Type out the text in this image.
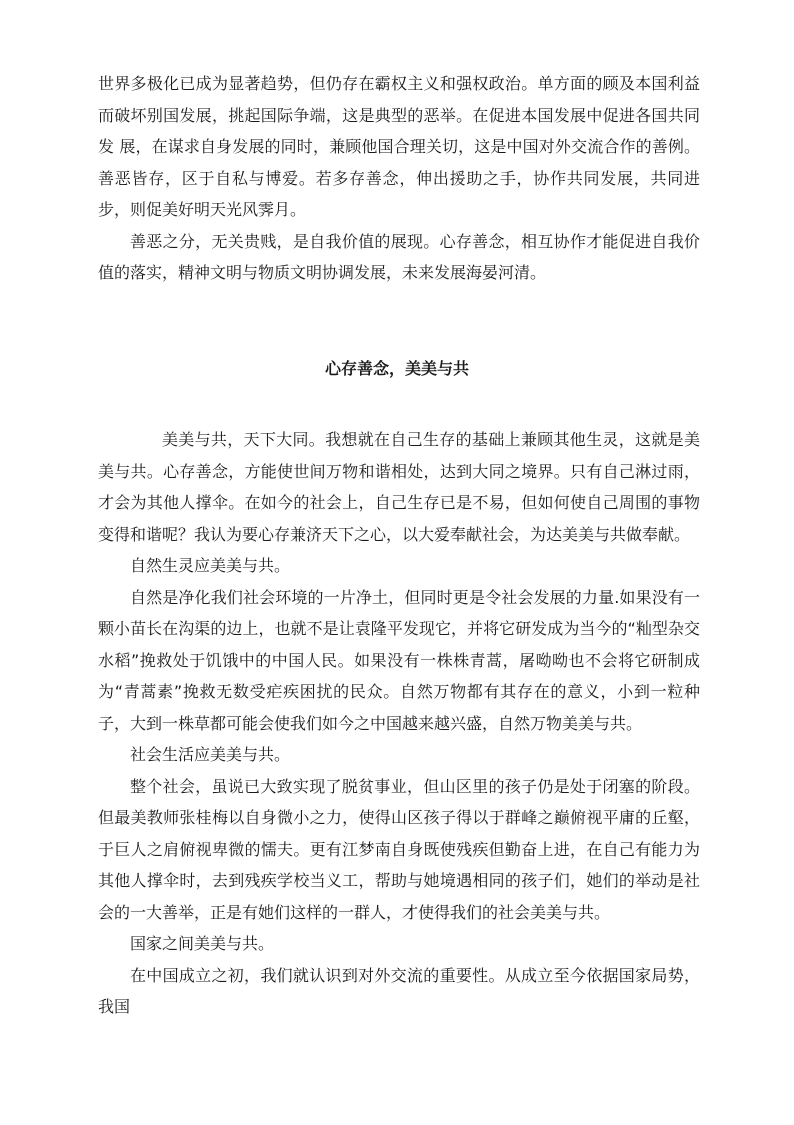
世界多极化已成为显著趋势，但仍存在霸权主义和强权政治。单方面的顾及本国利益而破坏别国发展，挑起国际争端，这是典型的恶举。在促进本国发展中促进各国共同发 展，在谋求自身发展的同时，兼顾他国合理关切，这是中国对外交流合作的善例。善恶皆存，区于自私与博爱。若多存善念，伸出援助之手，协作共同发展，共同进步，则促美好明天光风霁月。

善恶之分，无关贵贱，是自我价值的展现。心存善念，相互协作才能促进自我价值的落实，精神文明与物质文明协调发展，未来发展海晏河清。

心存善念，美美与共

美美与共，天下大同。我想就在自己生存的基础上兼顾其他生灵，这就是美美与共。心存善念，方能使世间万物和谐相处，达到大同之境界。只有自己淋过雨，才会为其他人撑伞。在如今的社会上，自己生存已是不易，但如何使自己周围的事物变得和谐呢？我认为要心存兼济天下之心，以大爱奉献社会，为达美美与共做奉献。

自然生灵应美美与共。

自然是净化我们社会环境的一片净土，但同时更是令社会发展的力量.如果没有一颗小苗长在沟渠的边上，也就不是让袁隆平发现它，并将它研发成为当今的“籼型杂交水稻”挽救处于饥饿中的中国人民。如果没有一株株青蒿，屠呦呦也不会将它研制成为“青蒿素”挽救无数受疟疾困扰的民众。自然万物都有其存在的意义，小到一粒种子，大到一株草都可能会使我们如今之中国越来越兴盛，自然万物美美与共。

社会生活应美美与共。

整个社会，虽说已大致实现了脱贫事业，但山区里的孩子仍是处于闭塞的阶段。但最美教师张桂梅以自身微小之力，使得山区孩子得以于群峰之巅俯视平庸的丘壑，于巨人之肩俯视卑微的懦夫。更有江梦南自身既使残疾但勤奋上进，在自己有能力为其他人撑伞时，去到残疾学校当义工，帮助与她境遇相同的孩子们，她们的举动是社会的一大善举，正是有她们这样的一群人，才使得我们的社会美美与共。

国家之间美美与共。

在中国成立之初，我们就认识到对外交流的重要性。从成立至今依据国家局势，我国
